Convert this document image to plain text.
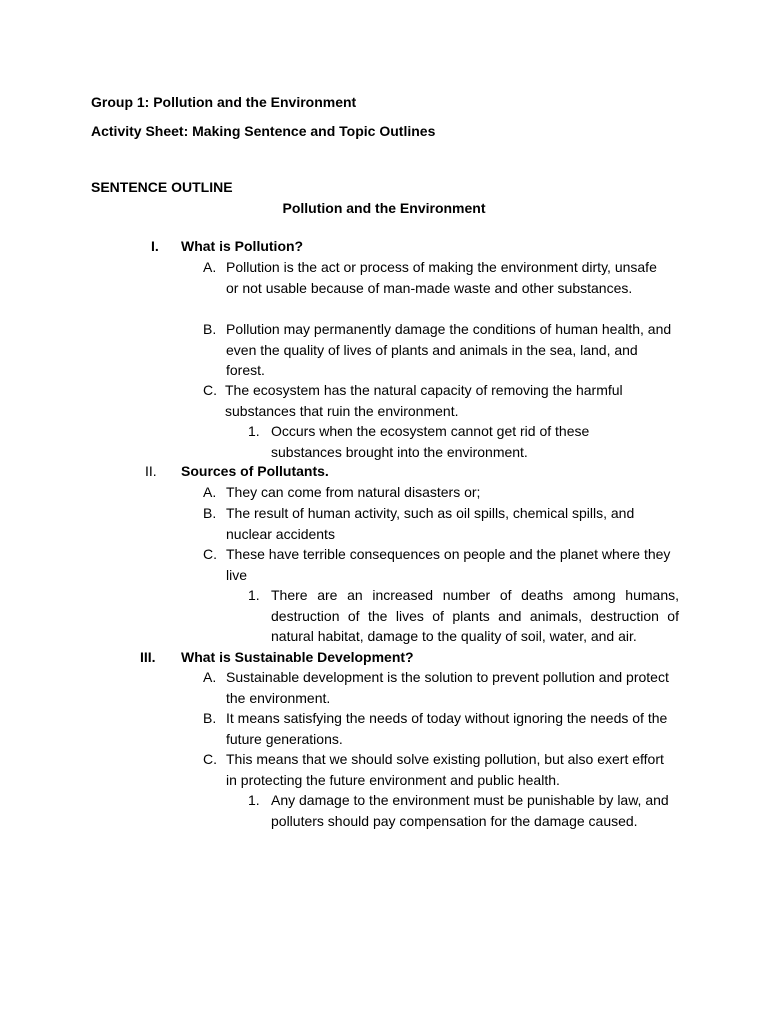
Group 1: Pollution and the Environment
Activity Sheet: Making Sentence and Topic Outlines
SENTENCE OUTLINE
Pollution and the Environment
I. What is Pollution?
A. Pollution is the act or process of making the environment dirty, unsafe or not usable because of man-made waste and other substances.
B. Pollution may permanently damage the conditions of human health, and even the quality of lives of plants and animals in the sea, land, and forest.
C. The ecosystem has the natural capacity of removing the harmful substances that ruin the environment.
1. Occurs when the ecosystem cannot get rid of these substances brought into the environment.
II. Sources of Pollutants.
A. They can come from natural disasters or;
B. The result of human activity, such as oil spills, chemical spills, and nuclear accidents
C. These have terrible consequences on people and the planet where they live
1. There are an increased number of deaths among humans, destruction of the lives of plants and animals, destruction of natural habitat, damage to the quality of soil, water, and air.
III. What is Sustainable Development?
A. Sustainable development is the solution to prevent pollution and protect the environment.
B. It means satisfying the needs of today without ignoring the needs of the future generations.
C. This means that we should solve existing pollution, but also exert effort in protecting the future environment and public health.
1. Any damage to the environment must be punishable by law, and polluters should pay compensation for the damage caused.
